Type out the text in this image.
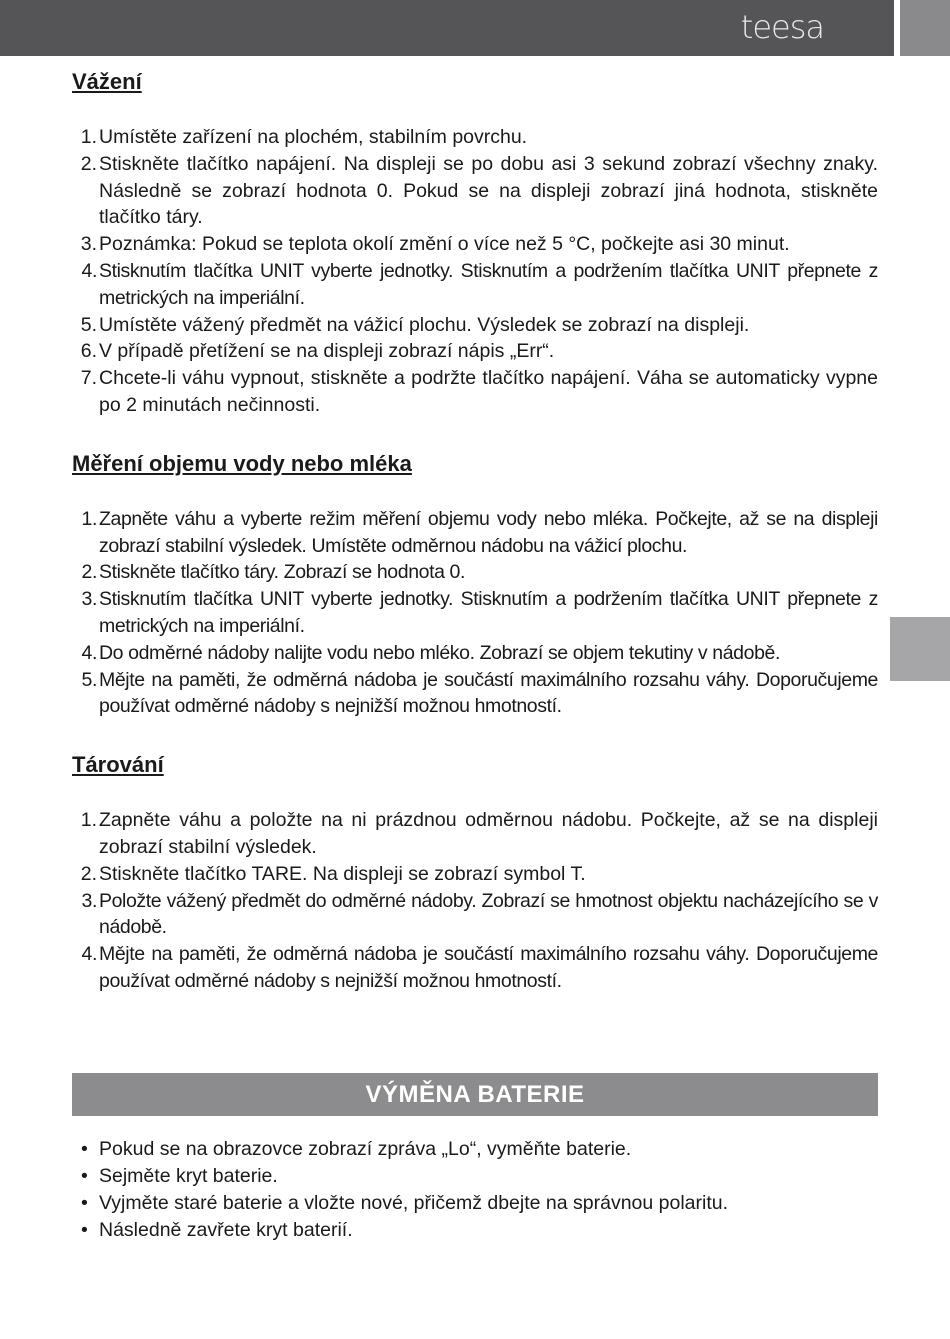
teesa
Vážení
1. Umístěte zařízení na plochém, stabilním povrchu.
2. Stiskněte tlačítko napájení. Na displeji se po dobu asi 3 sekund zobrazí všechny znaky. Následně se zobrazí hodnota 0. Pokud se na displeji zobrazí jiná hodnota, stiskněte tlačítko táry.
3. Poznámka: Pokud se teplota okolí změní o více než 5 °C, počkejte asi 30 minut.
4. Stisknutím tlačítka UNIT vyberte jednotky. Stisknutím a podržením tlačítka UNIT přepnete z metrických na imperiální.
5. Umístěte vážený předmět na vážicí plochu. Výsledek se zobrazí na displeji.
6. V případě přetížení se na displeji zobrazí nápis „Err“.
7. Chcete-li váhu vypnout, stiskněte a podržte tlačítko napájení. Váha se automaticky vypne po 2 minutách nečinnosti.
Měření objemu vody nebo mléka
1. Zapněte váhu a vyberte režim měření objemu vody nebo mléka. Počkejte, až se na displeji zobrazí stabilní výsledek. Umístěte odměrnou nádobu na vážicí plochu.
2. Stiskněte tlačítko táry. Zobrazí se hodnota 0.
3. Stisknutím tlačítka UNIT vyberte jednotky. Stisknutím a podržením tlačítka UNIT přepnete z metrických na imperiální.
4. Do odměrné nádoby nalijte vodu nebo mléko. Zobrazí se objem tekutiny v nádobě.
5. Mějte na paměti, že odměrná nádoba je součástí maximálního rozsahu váhy. Doporučujeme používat odměrné nádoby s nejnižší možnou hmotností.
Tárování
1. Zapněte váhu a položte na ni prázdnou odměrnou nádobu. Počkejte, až se na displeji zobrazí stabilní výsledek.
2. Stiskněte tlačítko TARE. Na displeji se zobrazí symbol T.
3. Položte vážený předmět do odměrné nádoby. Zobrazí se hmotnost objektu nacházejícího se v nádobě.
4. Mějte na paměti, že odměrná nádoba je součástí maximálního rozsahu váhy. Doporučujeme používat odměrné nádoby s nejnižší možnou hmotností.
VÝMĚNA BATERIE
• Pokud se na obrazovce zobrazí zpráva „Lo“, vyměňte baterie.
• Sejměte kryt baterie.
• Vyjměte staré baterie a vložte nové, přičemž dbejte na správnou polaritu.
• Následně zavřete kryt baterií.
